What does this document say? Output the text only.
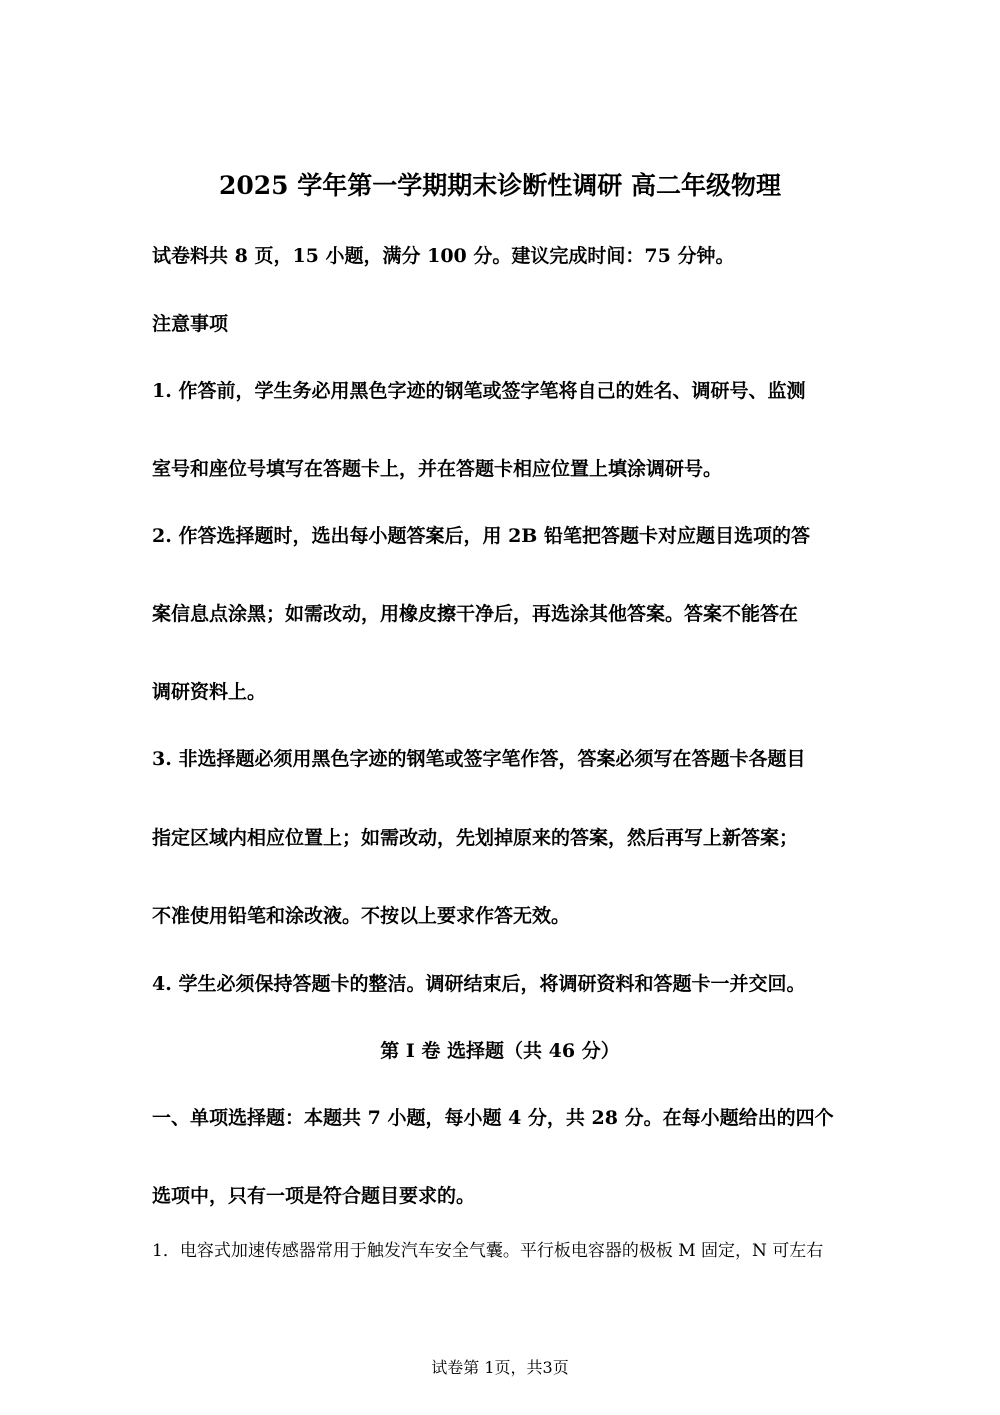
2025 学年第一学期期末诊断性调研 高二年级物理
试卷料共 8 页，15 小题，满分 100 分。建议完成时间：75 分钟。
注意事项
1. 作答前，学生务必用黑色字迹的钢笔或签字笔将自己的姓名、调研号、监测
室号和座位号填写在答题卡上，并在答题卡相应位置上填涂调研号。
2. 作答选择题时，选出每小题答案后，用 2B 铅笔把答题卡对应题目选项的答
案信息点涂黑；如需改动，用橡皮擦干净后，再选涂其他答案。答案不能答在
调研资料上。
3. 非选择题必须用黑色字迹的钢笔或签字笔作答，答案必须写在答题卡各题目
指定区域内相应位置上；如需改动，先划掉原来的答案，然后再写上新答案；
不准使用铅笔和涂改液。不按以上要求作答无效。
4. 学生必须保持答题卡的整洁。调研结束后，将调研资料和答题卡一并交回。
第 Ⅰ 卷 选择题（共 46 分）
一、单项选择题：本题共 7 小题，每小题 4 分，共 28 分。在每小题给出的四个
选项中，只有一项是符合题目要求的。
1．电容式加速传感器常用于触发汽车安全气囊。平行板电容器的极板 M 固定，N 可左右
试卷第 1页，共3页
